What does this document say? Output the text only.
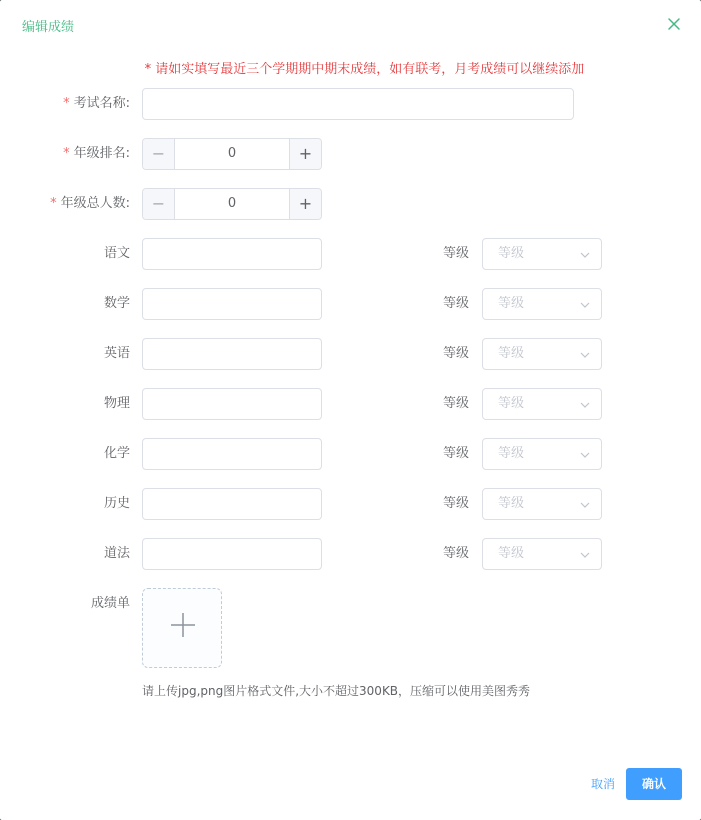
编辑成绩
* 请如实填写最近三个学期期中期末成绩，如有联考，月考成绩可以继续添加
* 考试名称:
* 年级排名:	−	0	+
* 年级总人数:	−	0	+
语文	等级 等级
数学	等级 等级
英语	等级 等级
物理	等级 等级
化学	等级 等级
历史	等级 等级
道法	等级 等级
成绩单
请上传jpg,png图片格式文件,大小不超过300KB，压缩可以使用美图秀秀
取消	确认
